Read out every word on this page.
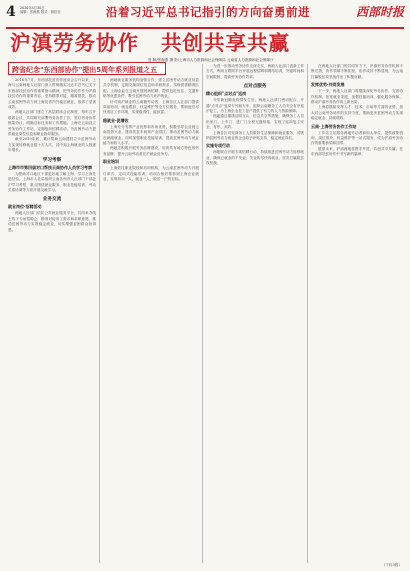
4 2020年4月30日
编辑：张海燕 版式：薛佳壮	沿着习近平总书记指引的方向奋勇前进	西部时报
沪滇劳务协作 共创共享共赢
管 制/张海燕 摄 影/上海市人力资源和社会保障局 云南省人力资源和社会保障厅
跨省纪念"东西部协作"提出5周年系列报道之五

2016年7月，东西部扶贫协作座谈会召开以来，上海与云南两地人社部门深入贯彻落实习近平总书记关于东西部扶贫协作的重要指示精神，把劳务协作作为沪滇扶贫协作的重要内容，坚持精准对接、精准帮扶，推动云南贫困劳动力到上海及省内外稳定就业，取得了显著成效。

两地人社部门建立了高层联席会议制度，每年召开联席会议，共同研究部署劳务协作工作，签订劳务协作框架协议，明确目标任务和工作措施。上海在云南设立劳务协作工作站，定期组织招聘活动，为贫困劳动力提供就业岗位信息和职业指导服务。

截至2019年底，累计帮助云南建档立卡贫困劳动力实现转移就业数十万人次，其中到上海就业的人数逐年增长。

学习考察
上海市市第四届对口帮扶云南协作人员学习考察

为帮助对口地区干部更好地了解上海、学习上海先进经验，上海市人社局组织云南各州市人社部门干部赴沪学习考察，重点围绕就业服务、职业技能培训、劳动关系协调等方面开展交流学习。

业务交流
就业岗位·招聘活动

两地人社部门依托公共就业服务平台，共同举办线上线下专场招聘会，精准对接用工需求和求职意愿，推动贫困劳动力实现稳定就业，切实增强贫困群众获得感。

两地就业服务机构加强合作，建立贫困劳动力就业信息共享机制，定期交换岗位信息和求职需求，实现供需精准匹配。上海企业在云南开展现场招聘，提供包吃包住、交通补贴等优惠条件，吸引贫困劳动力来沪就业。

针对到沪就业的云南籍劳动者，上海各区人社部门提供岗前培训、就业跟踪、权益维护等全方位服务，帮助他们尽快适应工作环境，实现稳得住、能致富。

稳就业·促增收

上海充分发挥产业优势和市场优势，积极引导企业到云南投资兴业，建设扶贫车间和产业园区，推动贫困劳动力就近就地就业。同时加强职业技能培训，提高贫困劳动力就业能力和收入水平。

两地还积极开展劳务品牌建设，培育具有地方特色的劳务品牌，提升云南劳动者在沪就业竞争力。

职业培训

上海依托职业院校和培训机构，为云南贫困劳动力开展订单式、定向式技能培训，培训合格后推荐到上海企业就业，实现培训一人、就业一人、脱贫一户的目标。

为进一步推动劳务协作走深走实，两地人社部门创新工作方式，利用互联网平台开展远程招聘和网络培训，突破时间和空间限制，提高劳务协作效率。

点对点服务
精心组织"点对点"返岗

今年新冠肺炎疫情发生后，两地人社部门密切配合，开通"点对点"返岗专列和专车，组织云南籍务工人员安全有序返沪复工，为上海企业复工复产提供了有力的人力资源保障。

两地通过健康证明互认、信息共享等措施，确保务工人员出家门、上车门、进厂门全程无缝衔接，实现了返岗复工安全、有序、高效。

上海各区对返岗务工人员做好生活保障和就业服务，对吸纳贫困劳动力就业的企业给予补贴支持，稳定就业岗位。

实施专项行动

两地联合开展专项招聘行动，持续推进贫困劳动力转移就业，确保已就业的不失业、失业的尽快再就业，坚决打赢脱贫攻坚战。

在两地人社部门的共同努力下，沪滇劳务协作机制不断完善，协作领域不断拓宽，协作成效不断显现，为云南打赢脱贫攻坚战作出了积极贡献。

发挥优势·共同发展

下一步，两地人社部门将继续深化劳务协作，完善协作机制，拓宽就业渠道，加强技能培训，强化服务保障，推动沪滇劳务协作再上新台阶。

上海将继续发挥人才、技术、市场等方面的优势，加大对云南劳务协作的支持力度，帮助更多贫困劳动力实现稳定就业、持续增收。

云南·上海劳务协作工作站

工作站立足服务两地劳动者和用人单位，提供政策咨询、岗位推介、权益维护等一站式服务，成为沪滇劳务协作的重要桥梁和纽带。

展望未来，沪滇两地将携手并进，共创共享共赢，在东西部扶贫协作中书写新的篇章。

（下转3版）
